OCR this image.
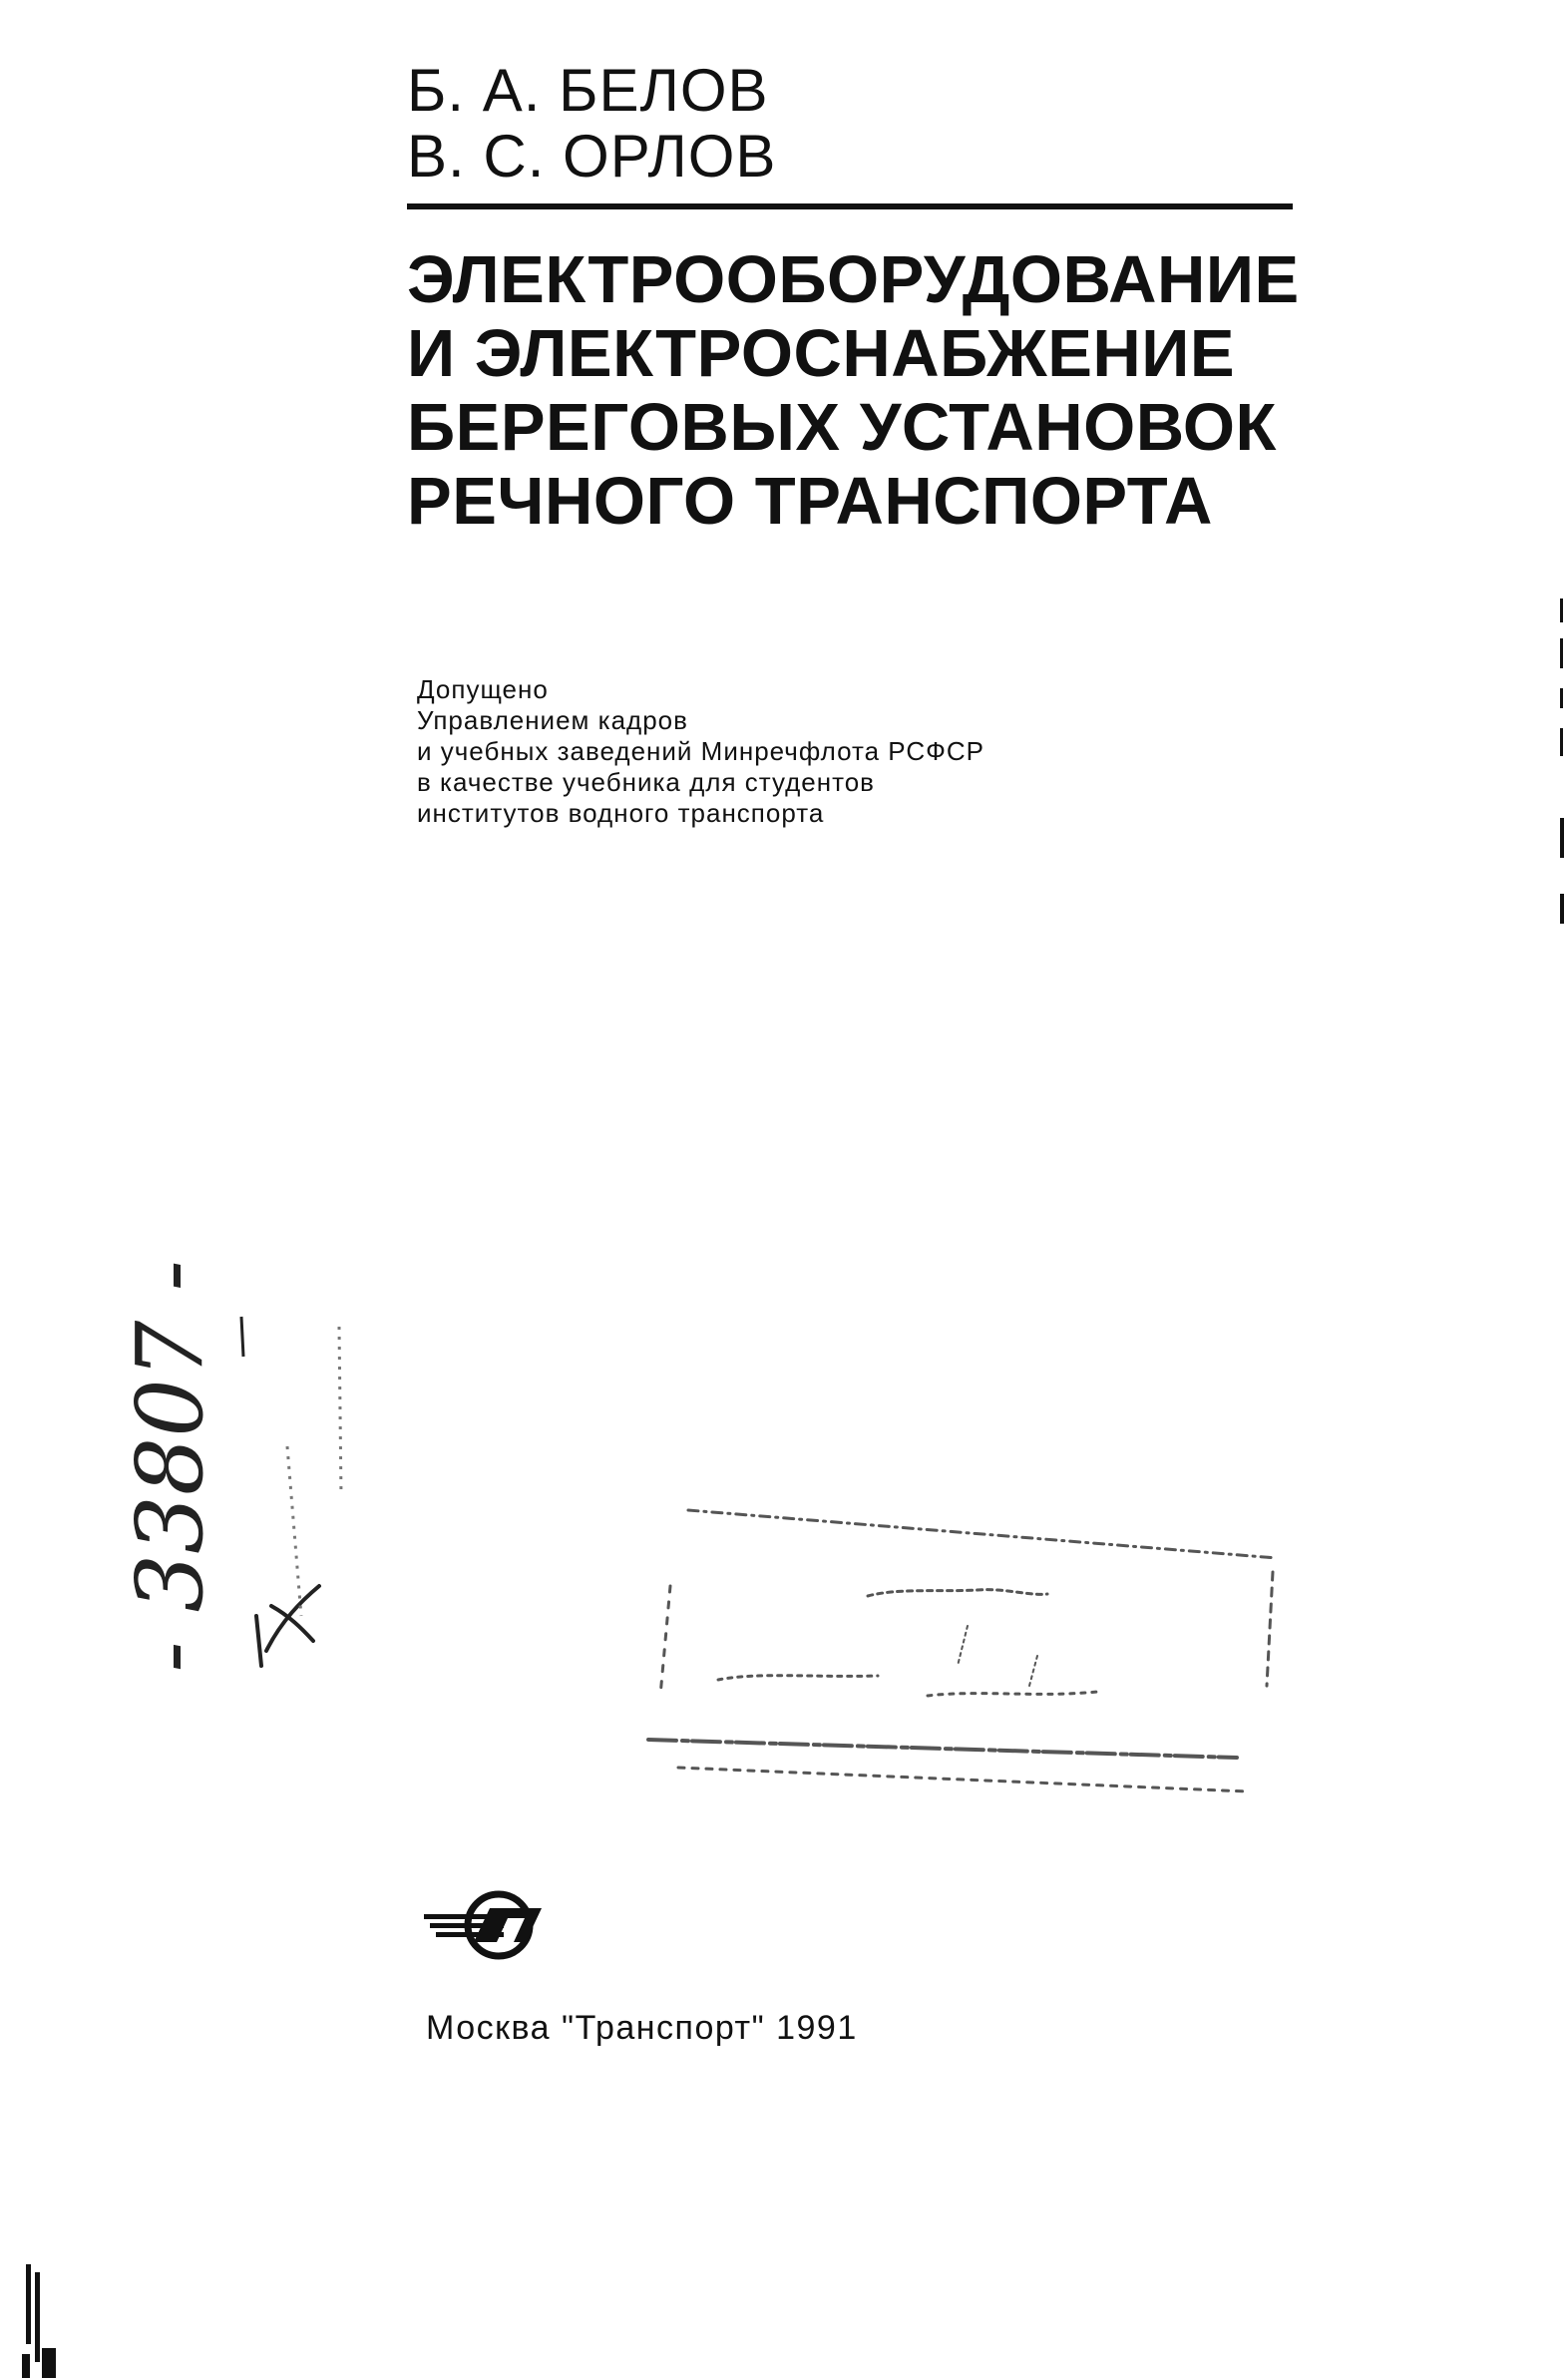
Б. А. БЕЛОВ
В. С. ОРЛОВ
ЭЛЕКТРООБОРУДОВАНИЕ
И ЭЛЕКТРОСНАБЖЕНИЕ
БЕРЕГОВЫХ УСТАНОВОК
РЕЧНОГО ТРАНСПОРТА
Допущено
Управлением кадров
и учебных заведений Минречфлота РСФСР
в качестве учебника для студентов
институтов водного транспорта
- 33807 -
Москва "Транспорт" 1991
